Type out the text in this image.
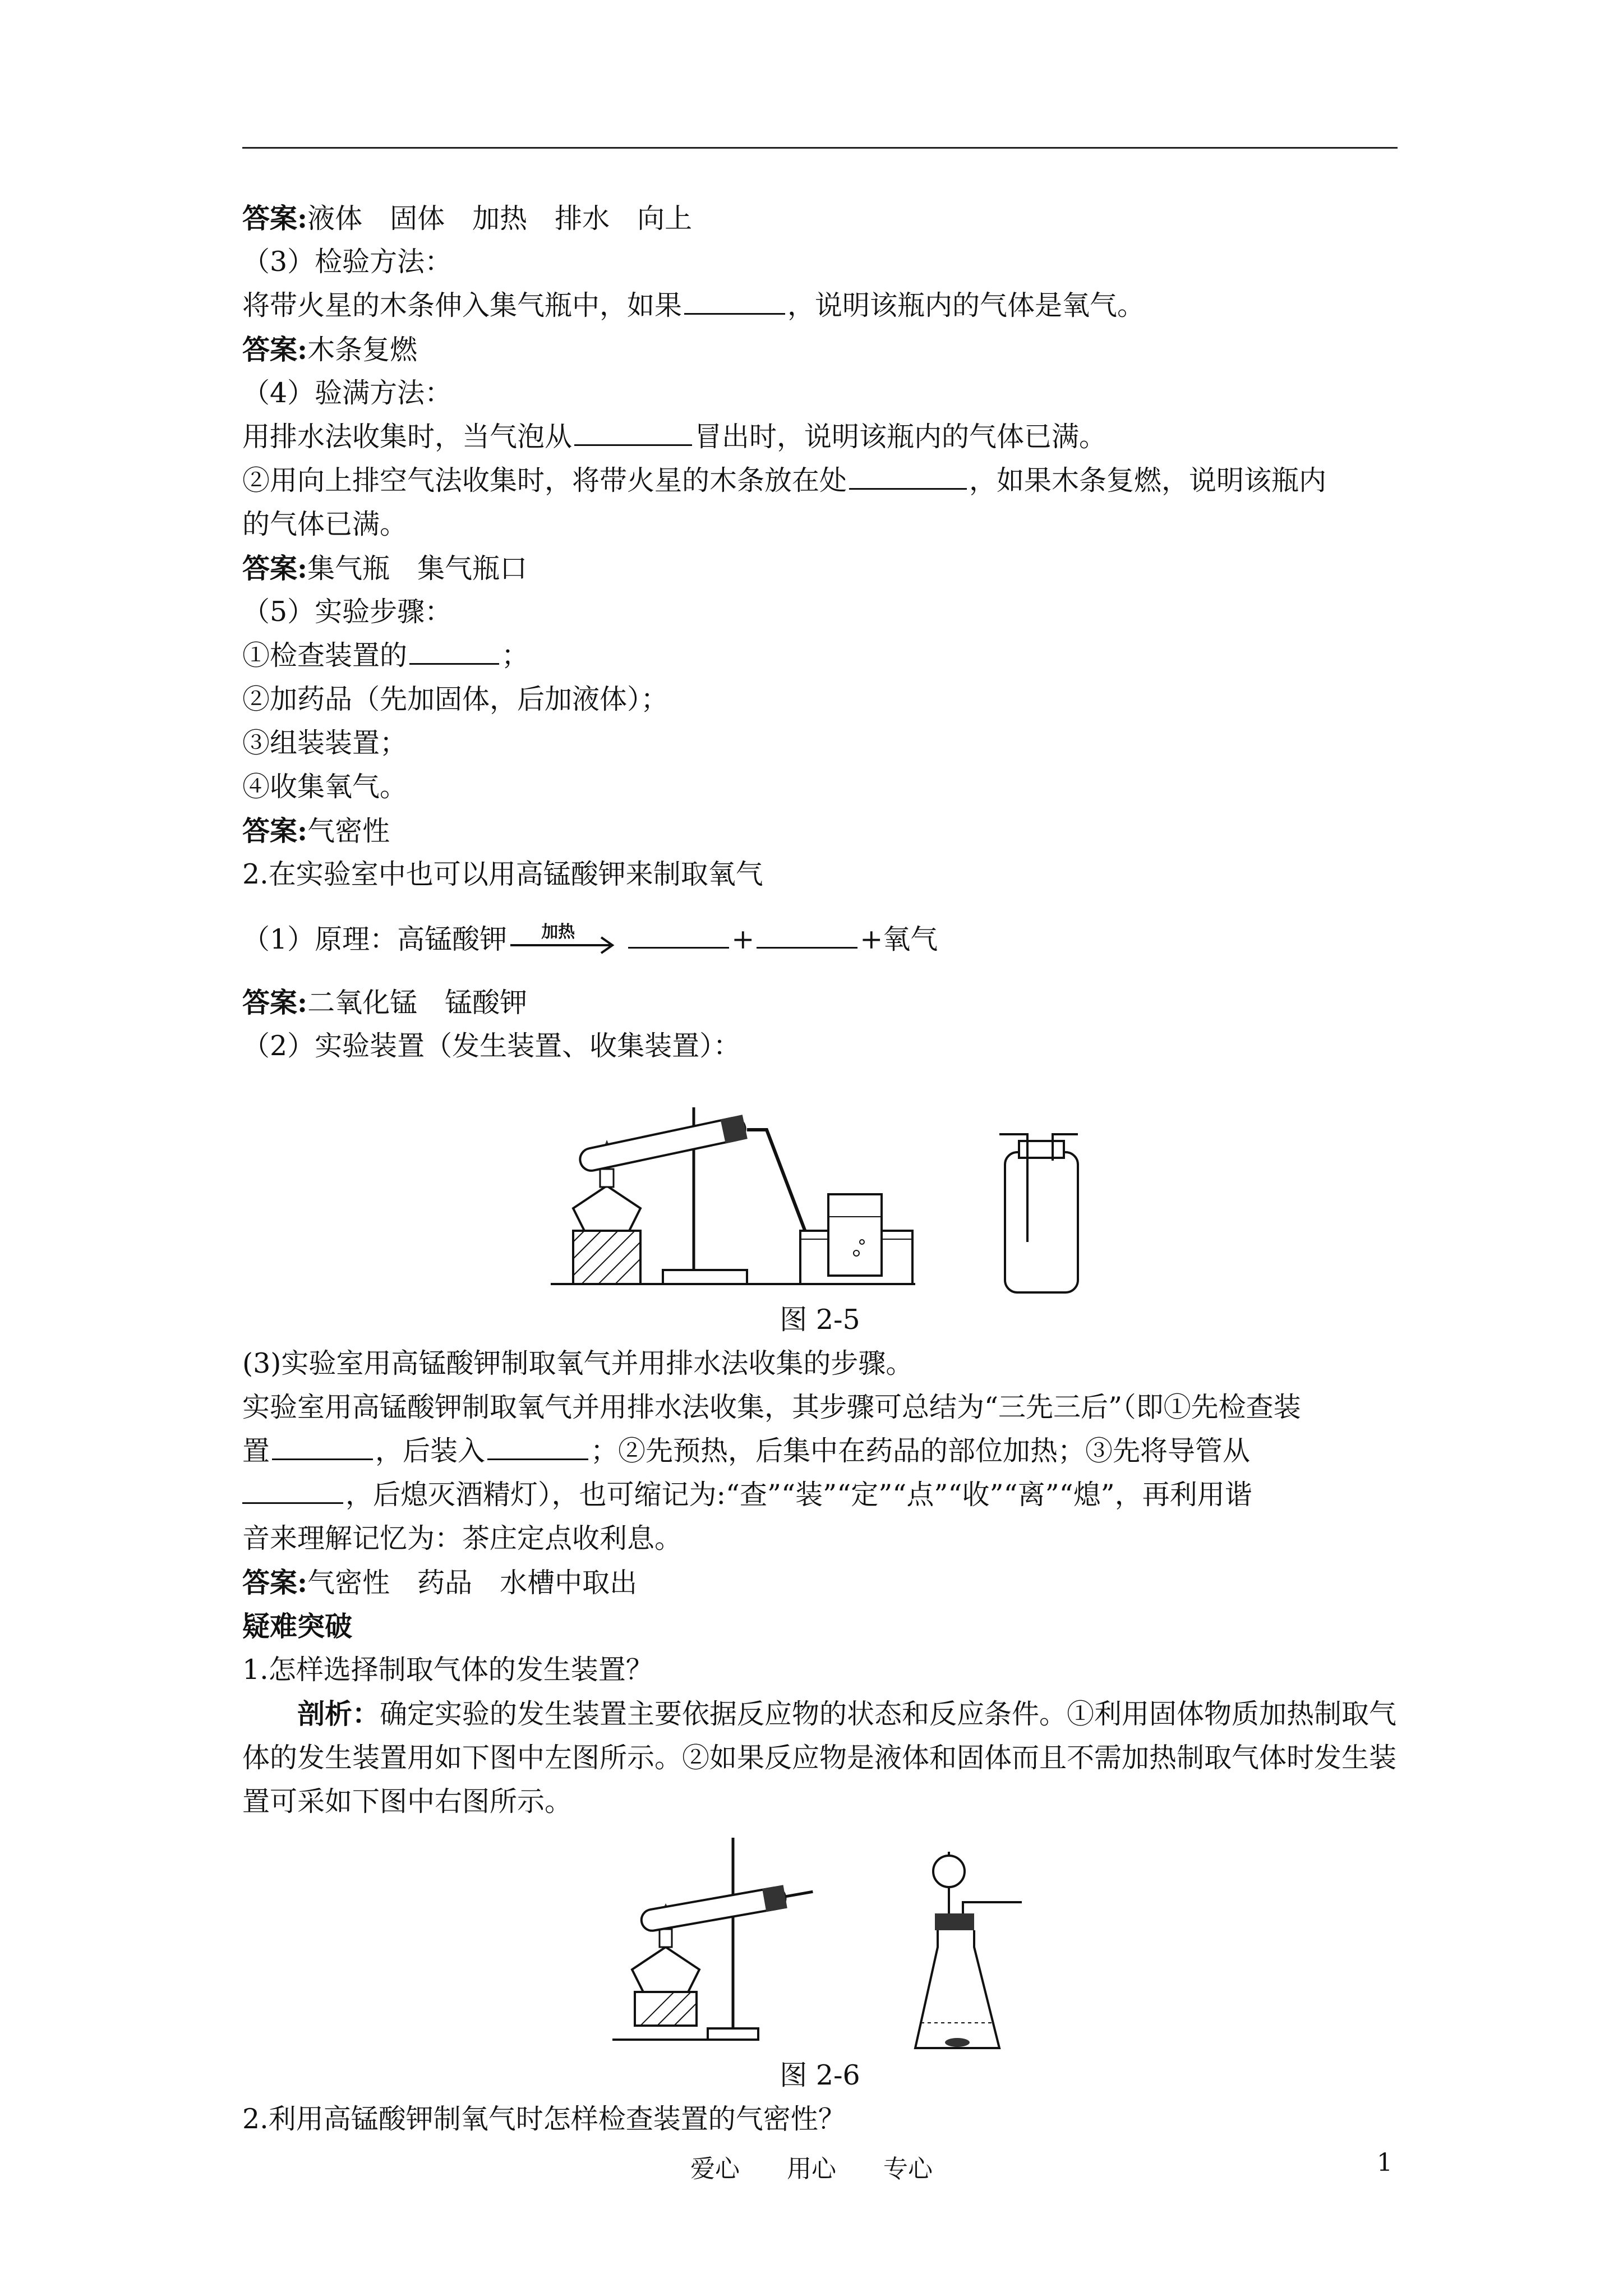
答案:液体　固体　加热　排水　向上
（3）检验方法：
将带火星的木条伸入集气瓶中，如果	，说明该瓶内的气体是氧气。
答案:木条复燃
（4）验满方法：
用排水法收集时，当气泡从	冒出时，说明该瓶内的气体已满。
②用向上排空气法收集时，将带火星的木条放在处	，如果木条复燃，说明该瓶内
的气体已满。
答案:集气瓶　集气瓶口
（5）实验步骤：
①检查装置的	；
②加药品（先加固体，后加液体）；
③组装装置；
④收集氧气。
答案:气密性
2.在实验室中也可以用高锰酸钾来制取氧气
（1）原理：高锰酸钾	加热	+	+氧气
答案:二氧化锰　锰酸钾
（2）实验装置（发生装置、收集装置）：
图 2-5
(3)实验室用高锰酸钾制取氧气并用排水法收集的步骤。
实验室用高锰酸钾制取氧气并用排水法收集，其步骤可总结为“三先三后”（即①先检查装
置	，后装入	；②先预热，后集中在药品的部位加热；③先将导管从
，后熄灭酒精灯），也可缩记为:“查”“装”“定”“点”“收”“离”“熄”，再利用谐
音来理解记忆为：茶庄定点收利息。
答案:气密性　药品　水槽中取出
疑难突破
1.怎样选择制取气体的发生装置？
剖析：确定实验的发生装置主要依据反应物的状态和反应条件。①利用固体物质加热制取气体的发生装置用如下图中左图所示。②如果反应物是液体和固体而且不需加热制取气体时发生装置可采如下图中右图所示。
图 2-6
2.利用高锰酸钾制氧气时怎样检查装置的气密性？
爱心 用心 专心	1
